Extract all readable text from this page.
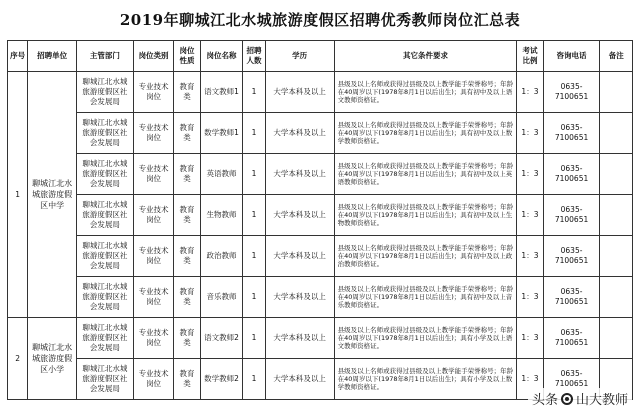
2019年聊城江北水城旅游度假区招聘优秀教师岗位汇总表
序号	招聘单位	主管部门	岗位类别	岗位性质	岗位名称	招聘人数	学历	其它条件要求	考试比例	咨询电话	备注
1	聊城江北水城旅游度假区中学	聊城江北水城旅游度假区社会发展局	专业技术岗位	教育类	语文教师1	1	大学本科及以上	县级及以上名师或获得过县级及以上教学能手荣誉称号；年龄在40周岁以下(1978年8月1日以后出生)；具有初中及以上语文教师资格证。	1：3	0635-7100651	
		聊城江北水城旅游度假区社会发展局	专业技术岗位	教育类	数学教师1	1	大学本科及以上	县级及以上名师或获得过县级及以上教学能手荣誉称号；年龄在40周岁以下(1978年8月1日以后出生)；具有初中及以上数学教师资格证。	1：3	0635-7100651	
		聊城江北水城旅游度假区社会发展局	专业技术岗位	教育类	英语教师	1	大学本科及以上	县级及以上名师或获得过县级及以上教学能手荣誉称号；年龄在40周岁以下(1978年8月1日以后出生)；具有初中及以上英语教师资格证。	1：3	0635-7100651	
		聊城江北水城旅游度假区社会发展局	专业技术岗位	教育类	生物教师	1	大学本科及以上	县级及以上名师或获得过县级及以上教学能手荣誉称号；年龄在40周岁以下(1978年8月1日以后出生)；具有初中及以上生物教师资格证。	1：3	0635-7100651	
		聊城江北水城旅游度假区社会发展局	专业技术岗位	教育类	政治教师	1	大学本科及以上	县级及以上名师或获得过县级及以上教学能手荣誉称号；年龄在40周岁以下(1978年8月1日以后出生)；具有初中及以上政治教师资格证。	1：3	0635-7100651	
		聊城江北水城旅游度假区社会发展局	专业技术岗位	教育类	音乐教师	1	大学本科及以上	县级及以上名师或获得过县级及以上教学能手荣誉称号；年龄在40周岁以下(1978年8月1日以后出生)；具有初中及以上音乐教师资格证。	1：3	0635-7100651	
2	聊城江北水城旅游度假区小学	聊城江北水城旅游度假区社会发展局	专业技术岗位	教育类	语文教师2	1	大学本科及以上	县级及以上名师或获得过县级及以上教学能手荣誉称号；年龄在40周岁以下(1978年8月1日以后出生)；具有小学及以上语文教师资格证。	1：3	0635-7100651	
		聊城江北水城旅游度假区社会发展局	专业技术岗位	教育类	数学教师2	1	大学本科及以上	县级及以上名师或获得过县级及以上教学能手荣誉称号；年龄在40周岁以下(1978年8月1日以后出生)；具有小学及以上数学教师资格证。	1：3	0635-7100651	
头条 山大教师
